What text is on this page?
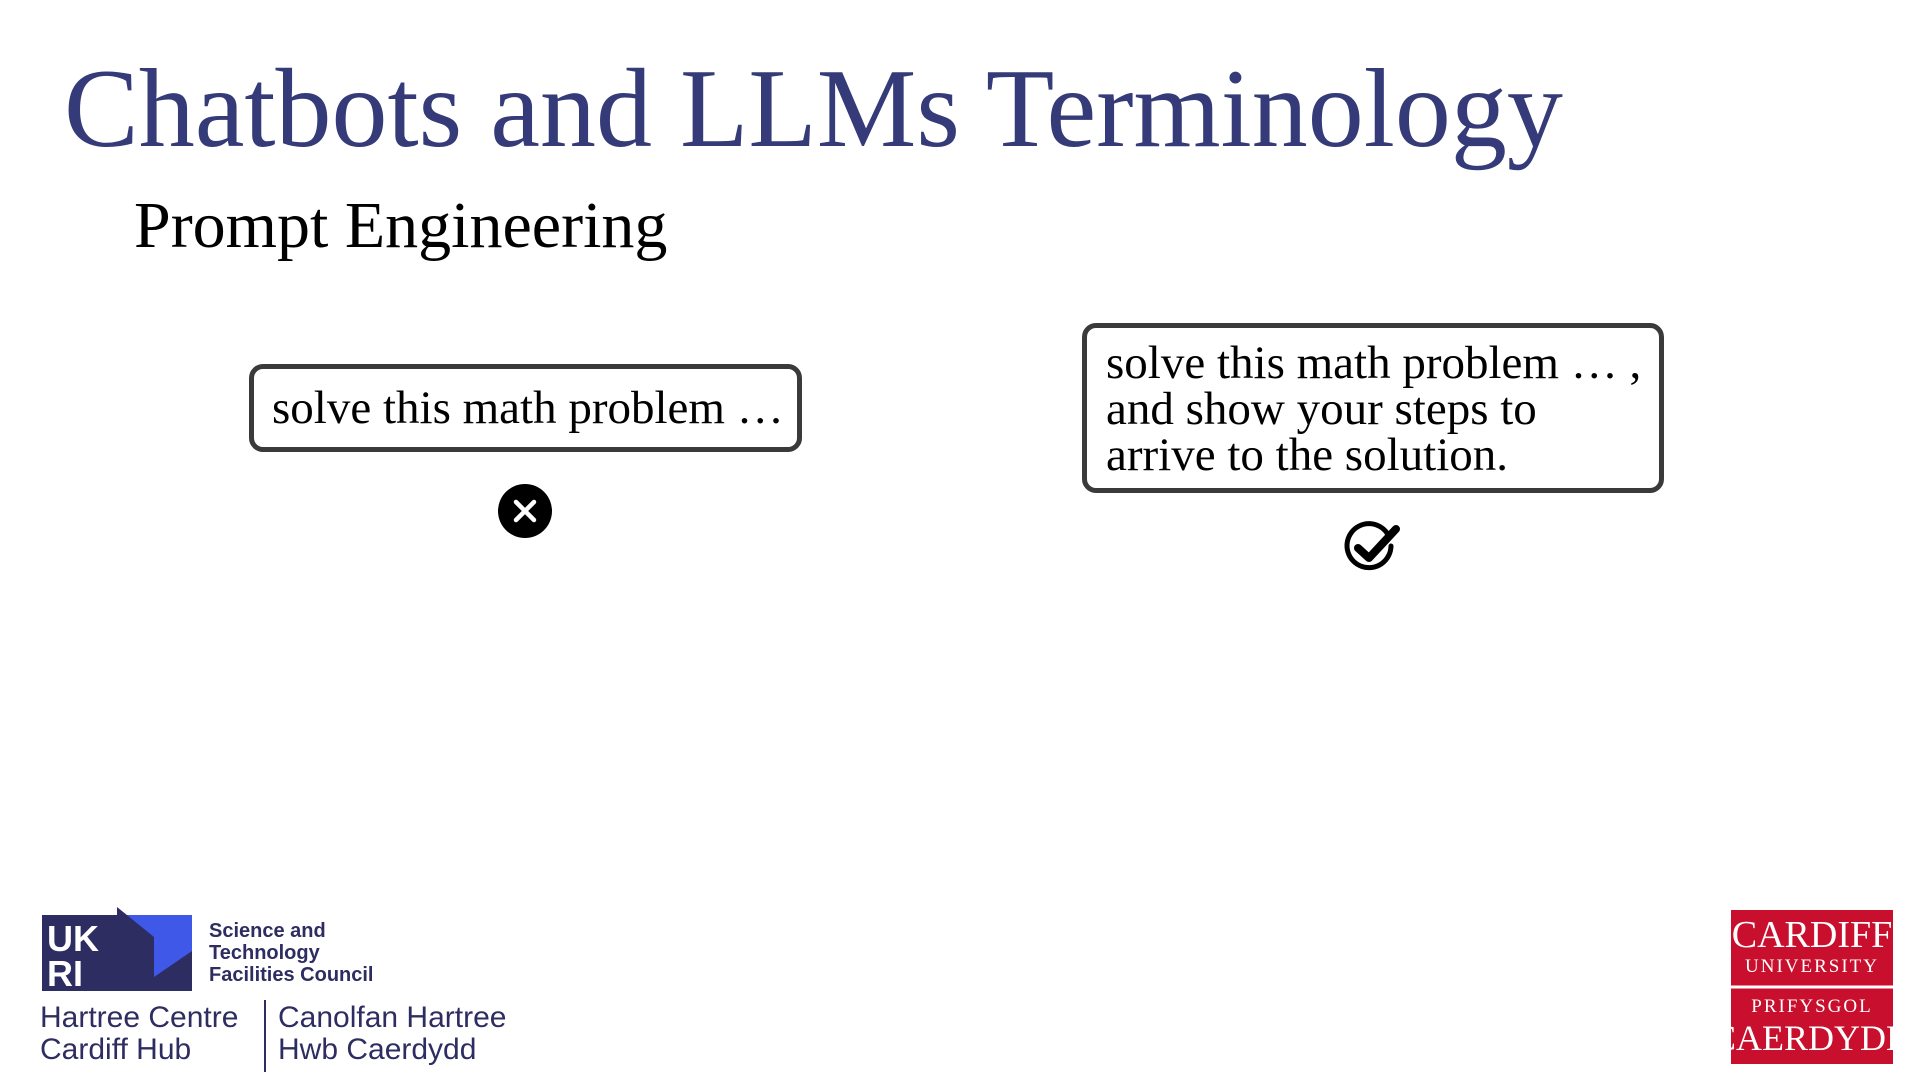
Chatbots and LLMs Terminology
Prompt Engineering
solve this math problem …
solve this math problem … ,
and show your steps to
arrive to the solution.
UK
RI
Science and
Technology
Facilities Council
Hartree Centre
Cardiff Hub
Canolfan Hartree
Hwb Caerdydd
CARDIFF
UNIVERSITY
PRIFYSGOL
CAERDYDD
